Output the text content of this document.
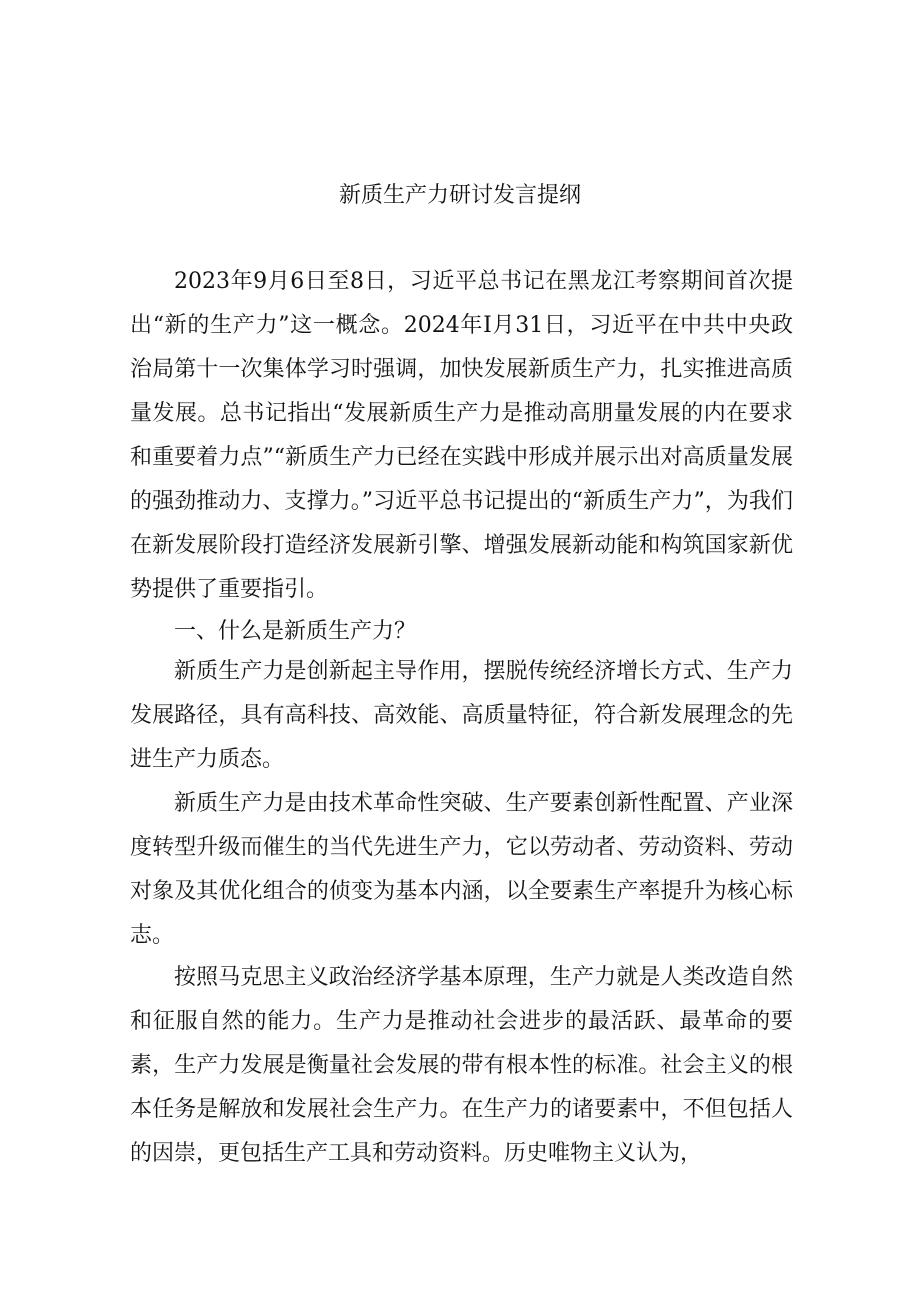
新质生产力研讨发言提纲

2023年9月6日至8日，习近平总书记在黑龙江考察期间首次提出“新的生产力”这一概念。2024年I月31日，习近平在中共中央政治局第十一次集体学习时强调，加快发展新质生产力，扎实推进高质量发展。总书记指出“发展新质生产力是推动高朋量发展的内在要求和重要着力点”“新质生产力已经在实践中形成并展示出对高质量发展的强劲推动力、支撑力。”习近平总书记提出的“新质生产力”，为我们在新发展阶段打造经济发展新引擎、增强发展新动能和构筑国家新优势提供了重要指引。

一、什么是新质生产力？

新质生产力是创新起主导作用，摆脱传统经济增长方式、生产力发展路径，具有高科技、高效能、高质量特征，符合新发展理念的先进生产力质态。

新质生产力是由技术革命性突破、生产要素创新性配置、产业深度转型升级而催生的当代先进生产力，它以劳动者、劳动资料、劳动对象及其优化组合的侦变为基本内涵，以全要素生产率提升为核心标志。

按照马克思主义政治经济学基本原理，生产力就是人类改造自然和征服自然的能力。生产力是推动社会进步的最活跃、最革命的要素，生产力发展是衡量社会发展的带有根本性的标准。社会主义的根本任务是解放和发展社会生产力。在生产力的诸要素中，不但包括人的因崇，更包括生产工具和劳动资料。历史唯物主义认为，
